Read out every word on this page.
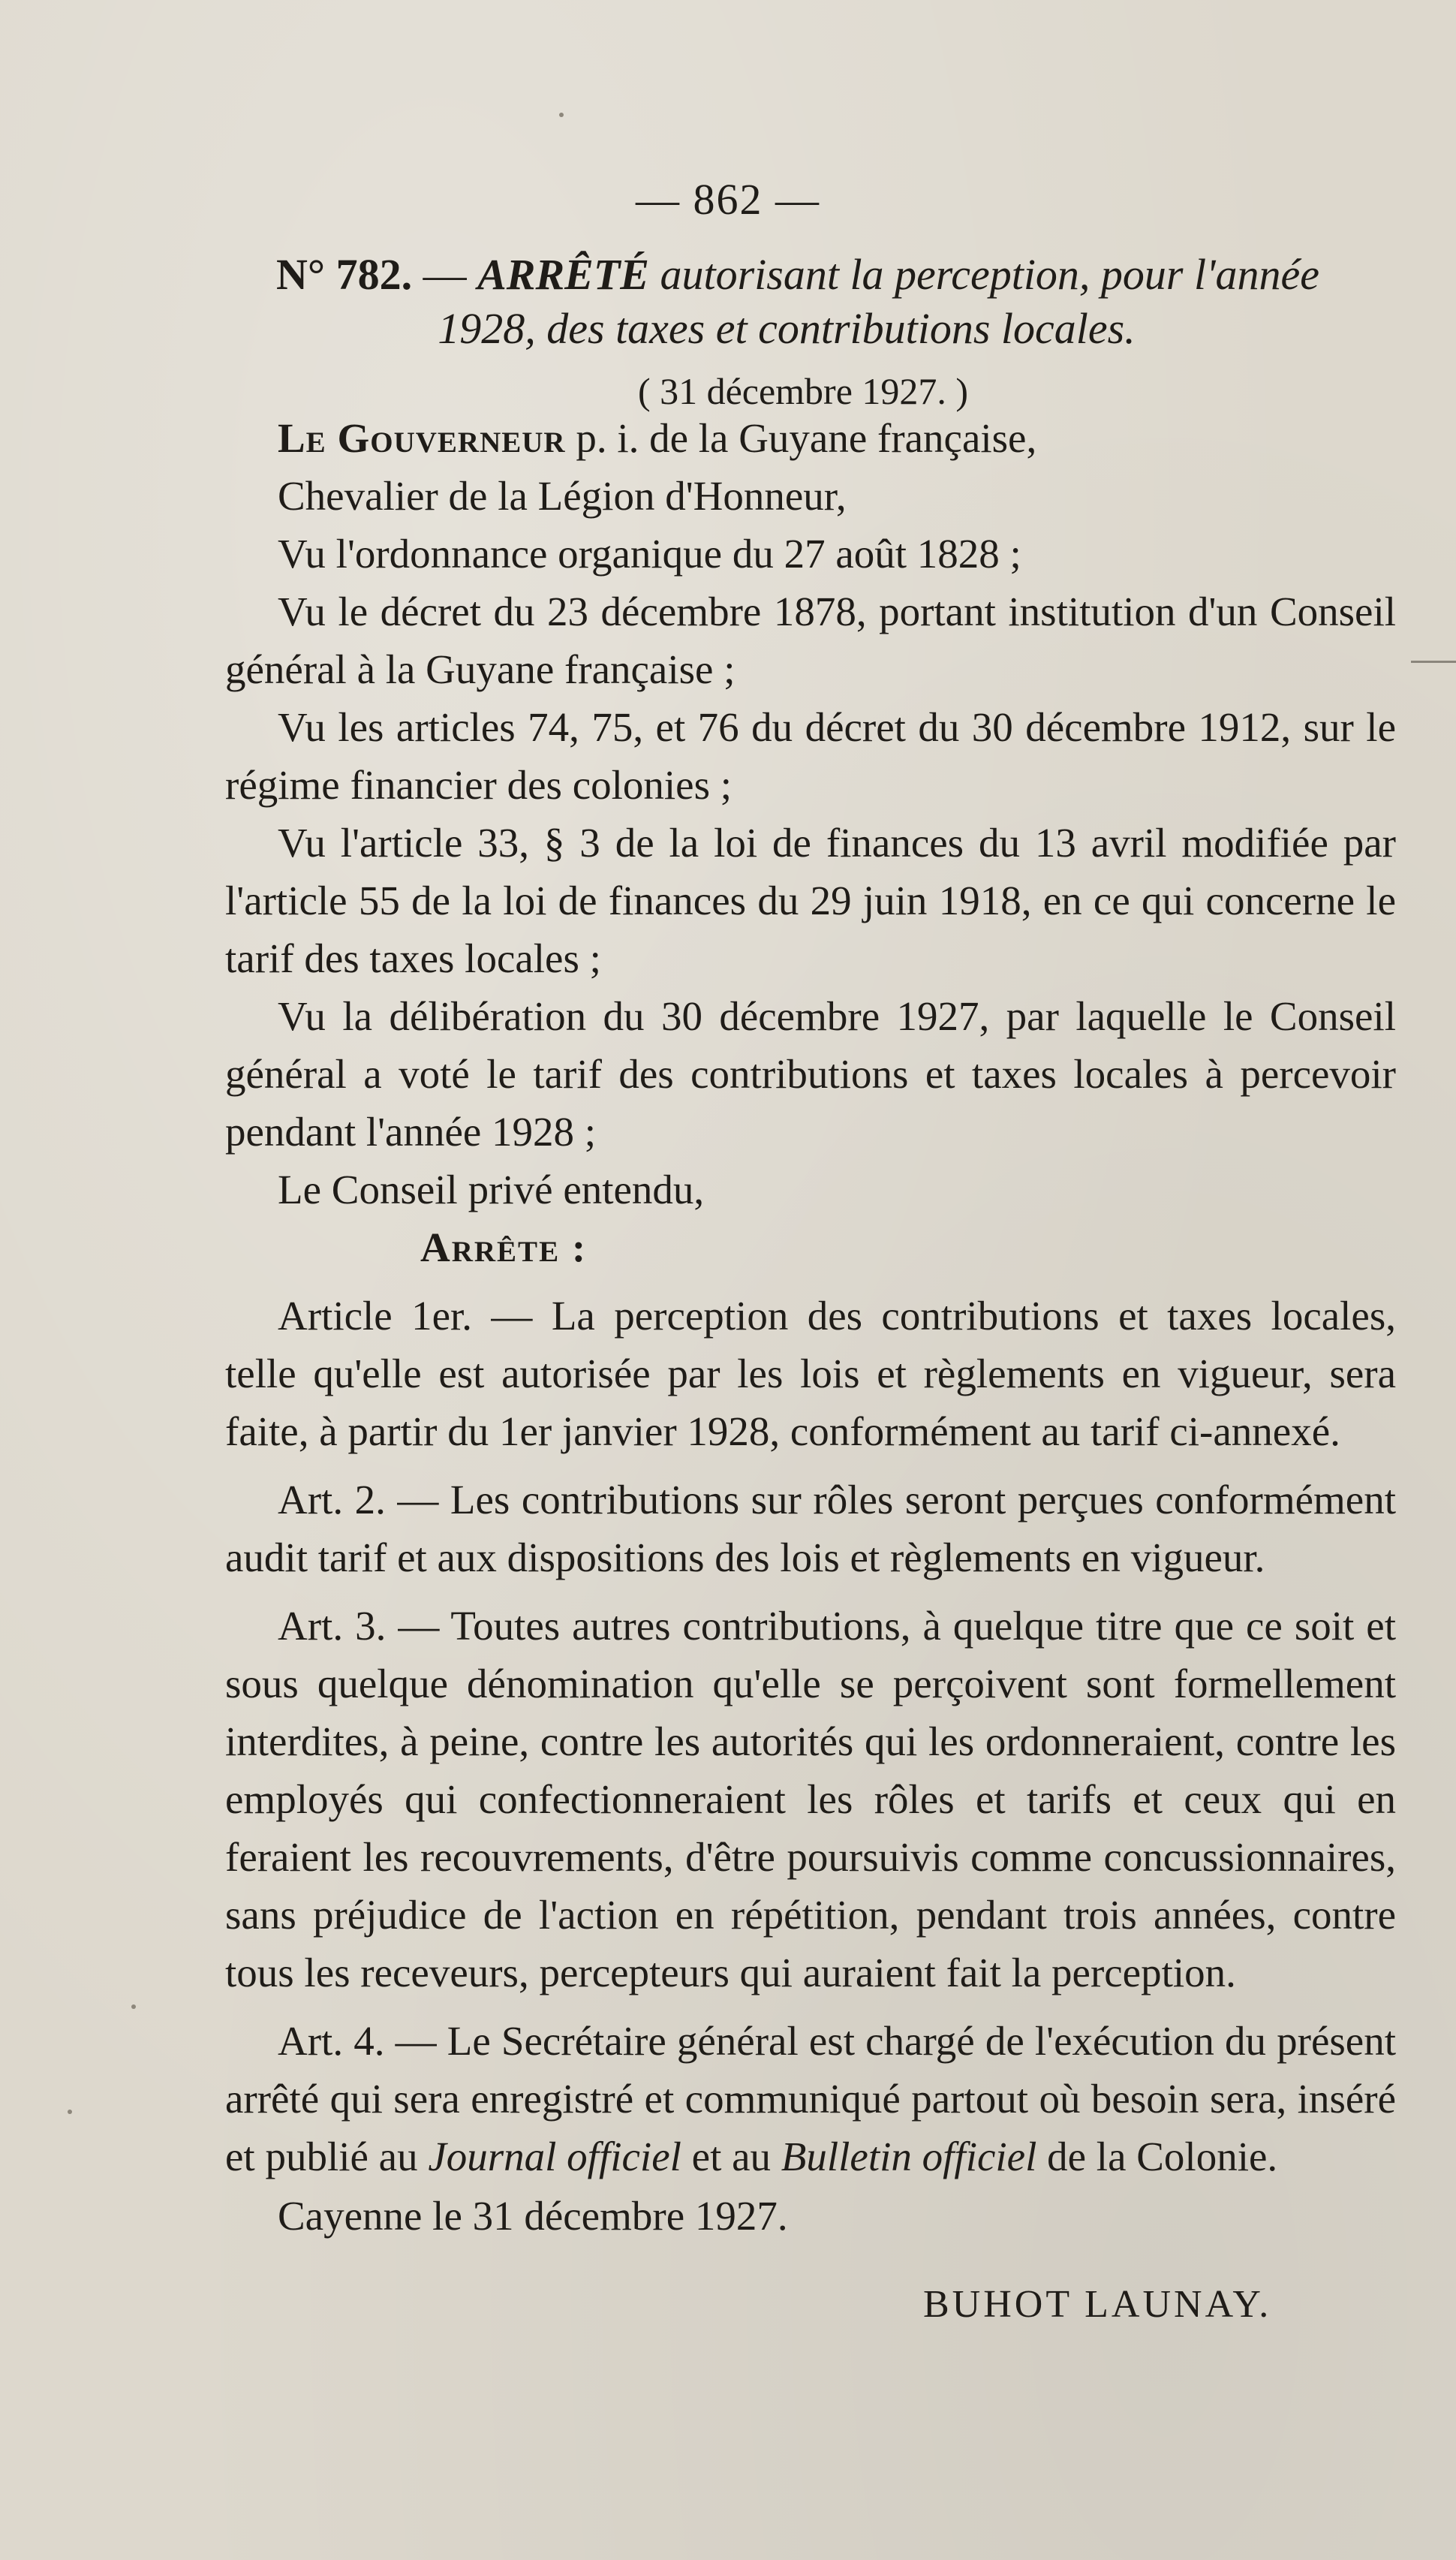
— 862 —
N° 782. — ARRÊTÉ autorisant la perception, pour l'année
1928, des taxes et contributions locales.
( 31 décembre 1927. )

Le Gouverneur p. i. de la Guyane française,

Chevalier de la Légion d'Honneur,

Vu l'ordonnance organique du 27 août 1828 ;

Vu le décret du 23 décembre 1878, portant institution d'un Conseil général à la Guyane française ;

Vu les articles 74, 75, et 76 du décret du 30 décembre 1912, sur le régime financier des colonies ;

Vu l'article 33, § 3 de la loi de finances du 13 avril modifiée par l'article 55 de la loi de finances du 29 juin 1918, en ce qui concerne le tarif des taxes locales ;

Vu la délibération du 30 décembre 1927, par laquelle le Conseil général a voté le tarif des contributions et taxes locales à percevoir pendant l'année 1928 ;

Le Conseil privé entendu,

Arrête :

Article 1er. — La perception des contributions et taxes locales, telle qu'elle est autorisée par les lois et règlements en vigueur, sera faite, à partir du 1er janvier 1928, conformément au tarif ci-annexé.

Art. 2. — Les contributions sur rôles seront perçues conformément audit tarif et aux dispositions des lois et règlements en vigueur.

Art. 3. — Toutes autres contributions, à quelque titre que ce soit et sous quelque dénomination qu'elle se perçoivent sont formellement interdites, à peine, contre les autorités qui les ordonneraient, contre les employés qui confectionneraient les rôles et tarifs et ceux qui en feraient les recouvrements, d'être poursuivis comme concussionnaires, sans préjudice de l'action en répétition, pendant trois années, contre tous les receveurs, percepteurs qui auraient fait la perception.

Art. 4. — Le Secrétaire général est chargé de l'exécution du présent arrêté qui sera enregistré et communiqué partout où besoin sera, inséré et publié au Journal officiel et au Bulletin officiel de la Colonie.

Cayenne le 31 décembre 1927.
BUHOT LAUNAY.
